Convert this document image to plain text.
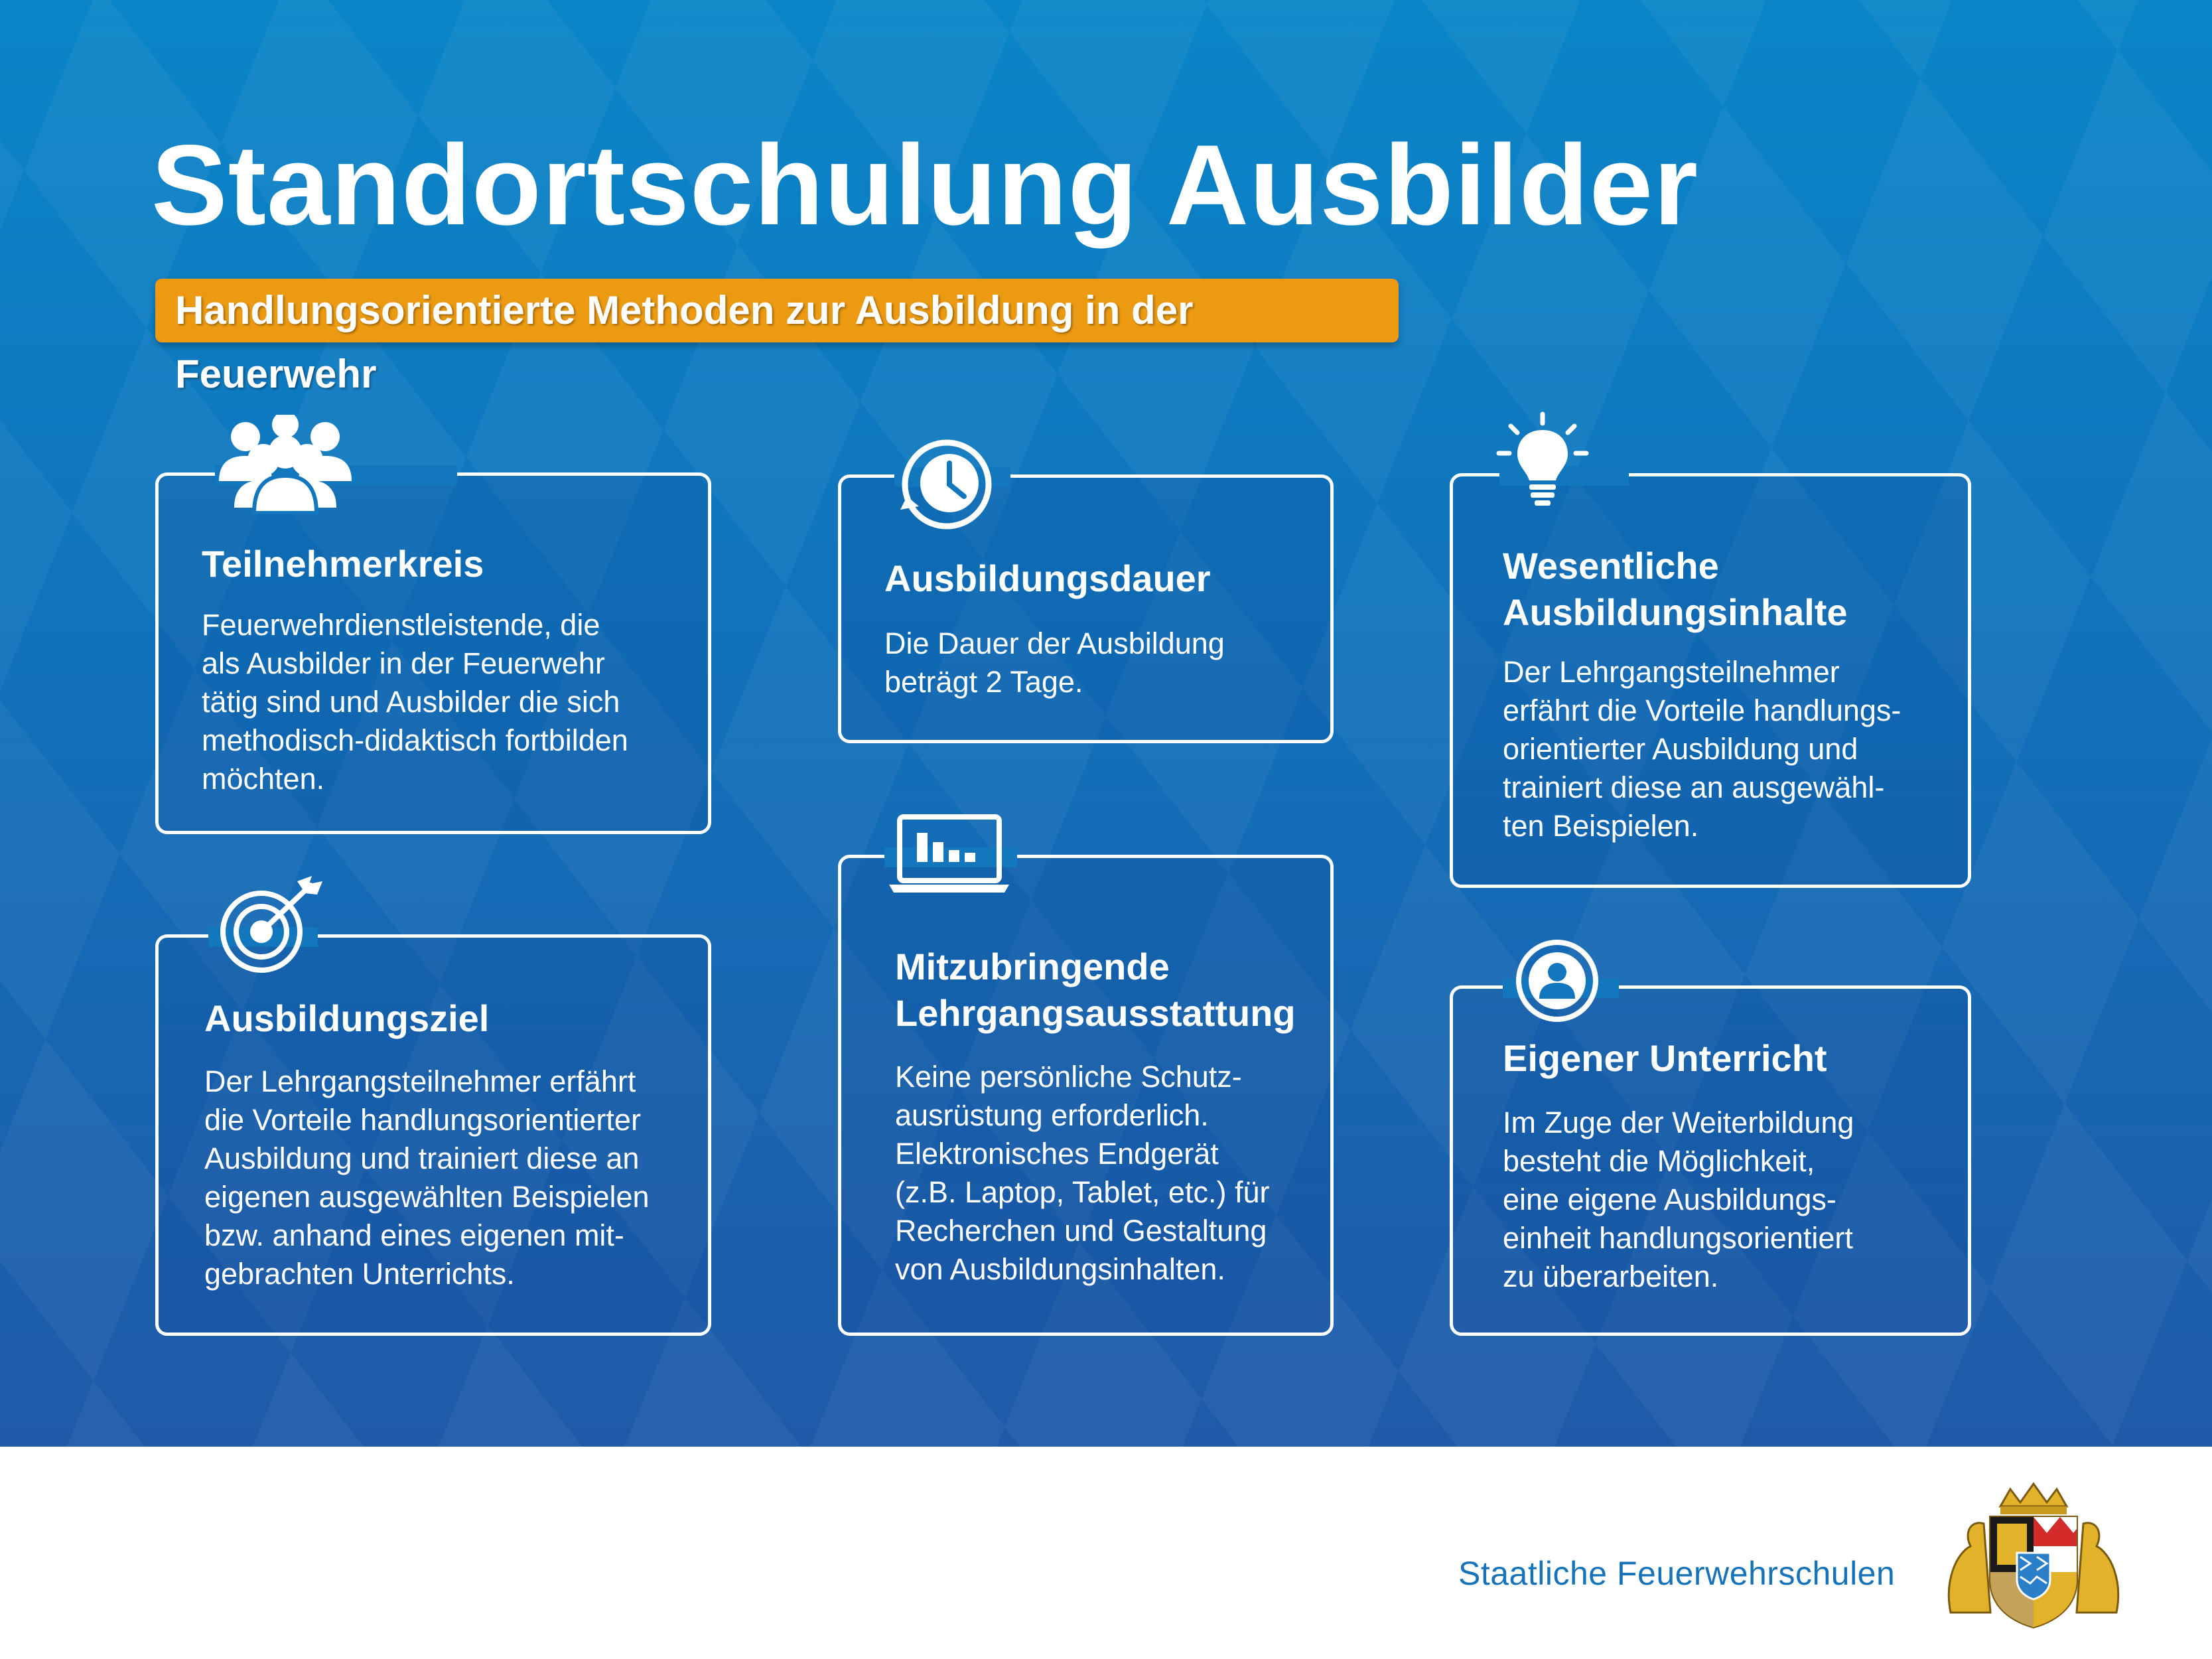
Standortschulung Ausbilder
Handlungsorientierte Methoden zur Ausbildung in der Feuerwehr

Teilnehmerkreis

Feuerwehrdienstleistende, die
als Ausbilder in der Feuerwehr
tätig sind und Ausbilder die sich
methodisch-didaktisch fortbilden
möchten.

Ausbildungsdauer

Die Dauer der Ausbildung
beträgt 2 Tage.

Wesentliche
Ausbildungsinhalte

Der Lehrgangsteilnehmer
erfährt die Vorteile handlungs-
orientierter Ausbildung und
trainiert diese an ausgewähl-
ten Beispielen.

Ausbildungsziel

Der Lehrgangsteilnehmer erfährt
die Vorteile handlungsorientierter
Ausbildung und trainiert diese an
eigenen ausgewählten Beispielen
bzw. anhand eines eigenen mit-
gebrachten Unterrichts.

Mitzubringende
Lehrgangsausstattung

Keine persönliche Schutz-
ausrüstung erforderlich.
Elektronisches Endgerät
(z.B. Laptop, Tablet, etc.) für
Recherchen und Gestaltung
von Ausbildungsinhalten.

Eigener Unterricht

Im Zuge der Weiterbildung
besteht die Möglichkeit,
eine eigene Ausbildungs-
einheit handlungsorientiert
zu überarbeiten.

Staatliche Feuerwehrschulen
